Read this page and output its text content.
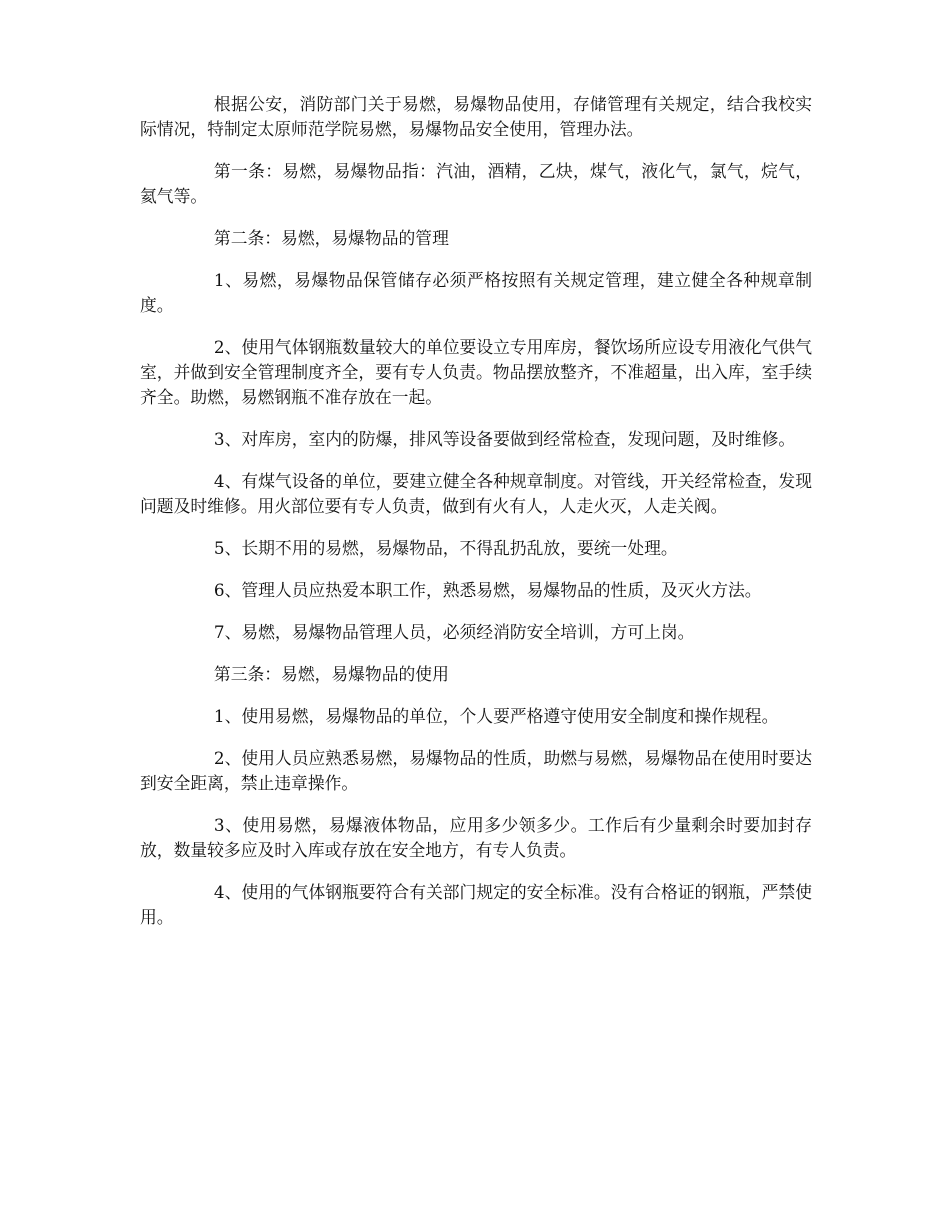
根据公安，消防部门关于易燃，易爆物品使用，存储管理有关规定，结合我校实际情况，特制定太原师范学院易燃，易爆物品安全使用，管理办法。

第一条：易燃，易爆物品指：汽油，酒精，乙炔，煤气，液化气，氯气，烷气，氦气等。

第二条：易燃，易爆物品的管理

1、易燃，易爆物品保管储存必须严格按照有关规定管理，建立健全各种规章制度。

2、使用气体钢瓶数量较大的单位要设立专用库房，餐饮场所应设专用液化气供气室，并做到安全管理制度齐全，要有专人负责。物品摆放整齐，不准超量，出入库，室手续齐全。助燃，易燃钢瓶不准存放在一起。

3、对库房，室内的防爆，排风等设备要做到经常检查，发现问题，及时维修。

4、有煤气设备的单位，要建立健全各种规章制度。对管线，开关经常检查，发现问题及时维修。用火部位要有专人负责，做到有火有人，人走火灭，人走关阀。

5、长期不用的易燃，易爆物品，不得乱扔乱放，要统一处理。

6、管理人员应热爱本职工作，熟悉易燃，易爆物品的性质，及灭火方法。

7、易燃，易爆物品管理人员，必须经消防安全培训，方可上岗。

第三条：易燃，易爆物品的使用

1、使用易燃，易爆物品的单位，个人要严格遵守使用安全制度和操作规程。

2、使用人员应熟悉易燃，易爆物品的性质，助燃与易燃，易爆物品在使用时要达到安全距离，禁止违章操作。

3、使用易燃，易爆液体物品，应用多少领多少。工作后有少量剩余时要加封存放，数量较多应及时入库或存放在安全地方，有专人负责。

4、使用的气体钢瓶要符合有关部门规定的安全标准。没有合格证的钢瓶，严禁使用。
